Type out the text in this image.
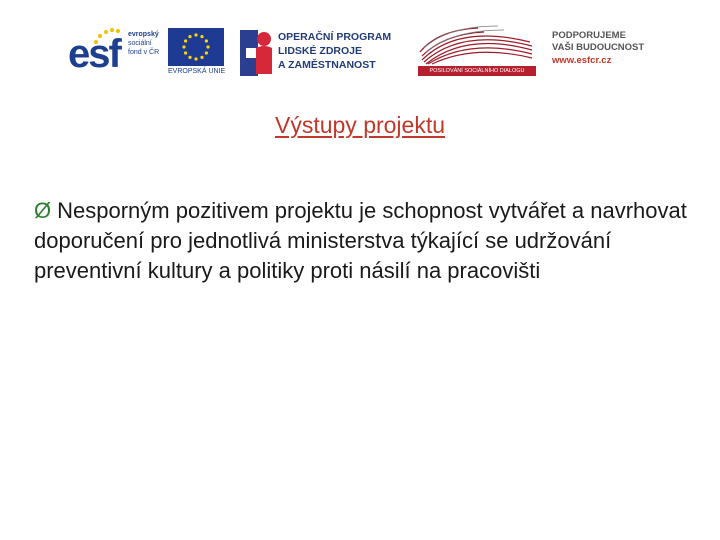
esf evropský
sociální
fond v ČR
EVROPSKÁ UNIE
OPERAČNÍ PROGRAM
LIDSKÉ ZDROJE
A ZAMĚSTNANOST	POSILOVÁNÍ SOCIÁLNÍHO DIALOGU
PODPORUJEME
VAŠI BUDOUCNOST
www.esfcr.cz
Výstupy projektu
Ø Nesporným pozitivem projektu je schopnost vytvářet a navrhovat doporučení pro jednotlivá ministerstva týkající se udržování preventivní kultury a politiky proti násilí na pracovišti
